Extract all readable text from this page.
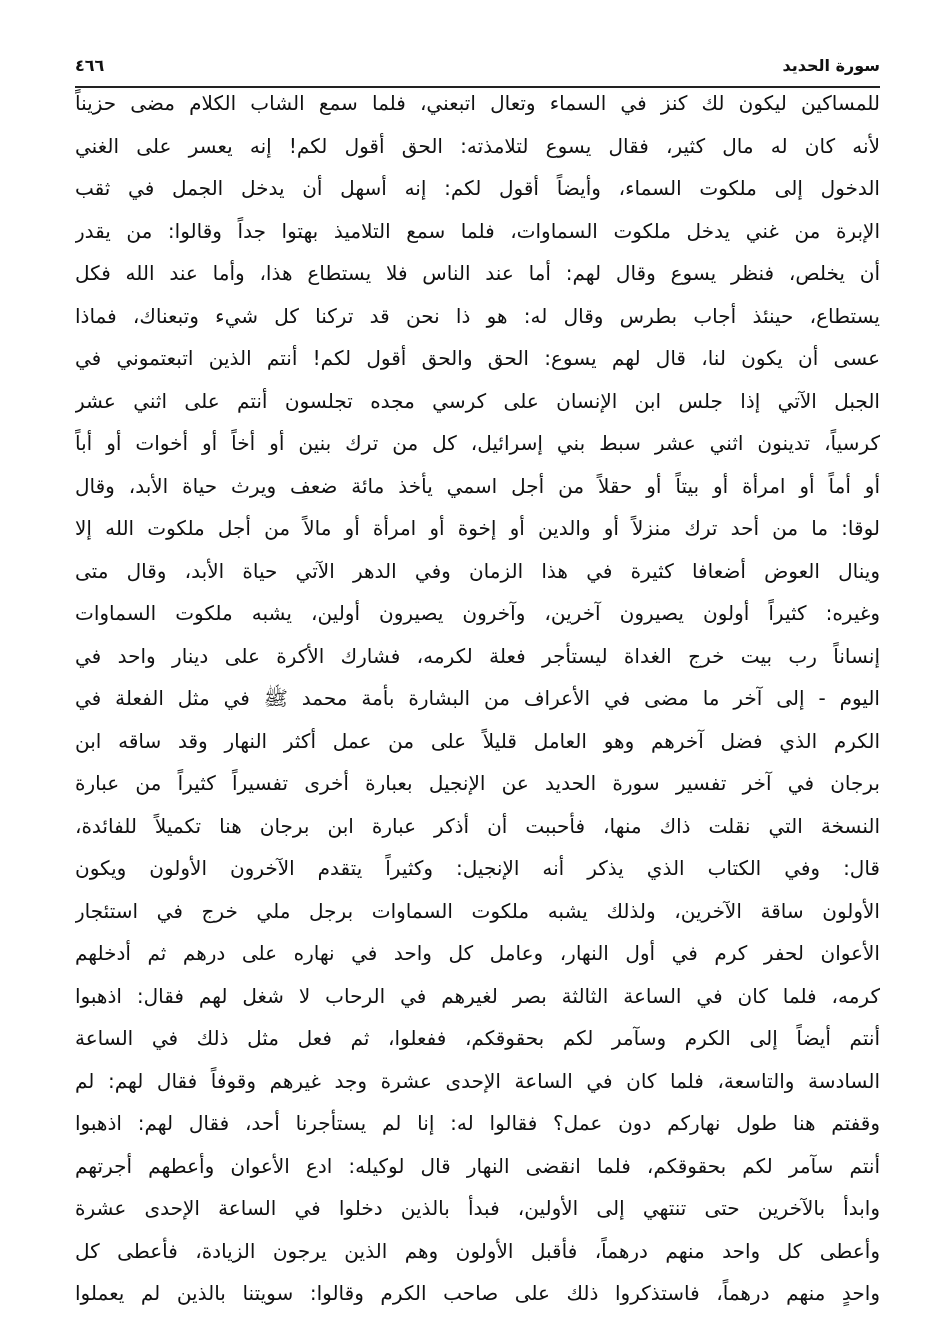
سورة الحديد
٤٦٦
للمساكين ليكون لك كنز في السماء وتعال اتبعني، فلما سمع الشاب الكلام مضى حزيناً
لأنه كان له مال كثير، فقال يسوع لتلامذته: الحق أقول لكم! إنه يعسر على الغني
الدخول إلى ملكوت السماء، وأيضاً أقول لكم: إنه أسهل أن يدخل الجمل في ثقب
الإبرة من غني يدخل ملكوت السماوات، فلما سمع التلاميذ بهتوا جداً وقالوا: من يقدر
أن يخلص، فنظر يسوع وقال لهم: أما عند الناس فلا يستطاع هذا، وأما عند الله فكل
يستطاع، حينئذ أجاب بطرس وقال له: هو ذا نحن قد تركنا كل شيء وتبعناك، فماذا
عسى أن يكون لنا، قال لهم يسوع: الحق والحق أقول لكم! أنتم الذين اتبعتموني في
الجبل الآتي إذا جلس ابن الإنسان على كرسي مجده تجلسون أنتم على اثني عشر
كرسياً، تدينون اثني عشر سبط بني إسرائيل، كل من ترك بنين أو أخاً أو أخوات أو أباً
أو أماً أو امرأة أو بيتاً أو حقلاً من أجل اسمي يأخذ مائة ضعف ويرث حياة الأبد، وقال
لوقا: ما من أحد ترك منزلاً أو والدين أو إخوة أو امرأة أو مالاً من أجل ملكوت الله إلا
وينال العوض أضعافا كثيرة في هذا الزمان وفي الدهر الآتي حياة الأبد، وقال متى
وغيره: كثيراً أولون يصيرون آخرين، وآخرون يصيرون أولين، يشبه ملكوت السماوات
إنساناً رب بيت خرج الغداة ليستأجر فعلة لكرمه، فشارك الأكرة على دينار واحد في
اليوم - إلى آخر ما مضى في الأعراف من البشارة بأمة محمد ﷺ في مثل الفعلة في
الكرم الذي فضل آخرهم وهو العامل قليلاً على من عمل أكثر النهار وقد ساقه ابن
برجان في آخر تفسير سورة الحديد عن الإنجيل بعبارة أخرى تفسيراً كثيراً من عبارة
النسخة التي نقلت ذاك منها، فأحببت أن أذكر عبارة ابن برجان هنا تكميلاً للفائدة،
قال: وفي الكتاب الذي يذكر أنه الإنجيل: وكثيراً يتقدم الآخرون الأولون ويكون
الأولون ساقة الآخرين، ولذلك يشبه ملكوت السماوات برجل ملي خرج في استئجار
الأعوان لحفر كرم في أول النهار، وعامل كل واحد في نهاره على درهم ثم أدخلهم
كرمه، فلما كان في الساعة الثالثة بصر لغيرهم في الرحاب لا شغل لهم فقال: اذهبوا
أنتم أيضاً إلى الكرم وسآمر لكم بحقوقكم، ففعلوا، ثم فعل مثل ذلك في الساعة
السادسة والتاسعة، فلما كان في الساعة الإحدى عشرة وجد غيرهم وقوفاً فقال لهم: لم
وقفتم هنا طول نهاركم دون عمل؟ فقالوا له: إنا لم يستأجرنا أحد، فقال لهم: اذهبوا
أنتم سآمر لكم بحقوقكم، فلما انقضى النهار قال لوكيله: ادع الأعوان وأعطهم أجرتهم
وابدأ بالآخرين حتى تنتهي إلى الأولين، فبدأ بالذين دخلوا في الساعة الإحدى عشرة
وأعطى كل واحد منهم درهماً، فأقبل الأولون وهم الذين يرجون الزيادة، فأعطى كل
واحدٍ منهم درهماً، فاستذكروا ذلك على صاحب الكرم وقالوا: سويتنا بالذين لم يعملوا
